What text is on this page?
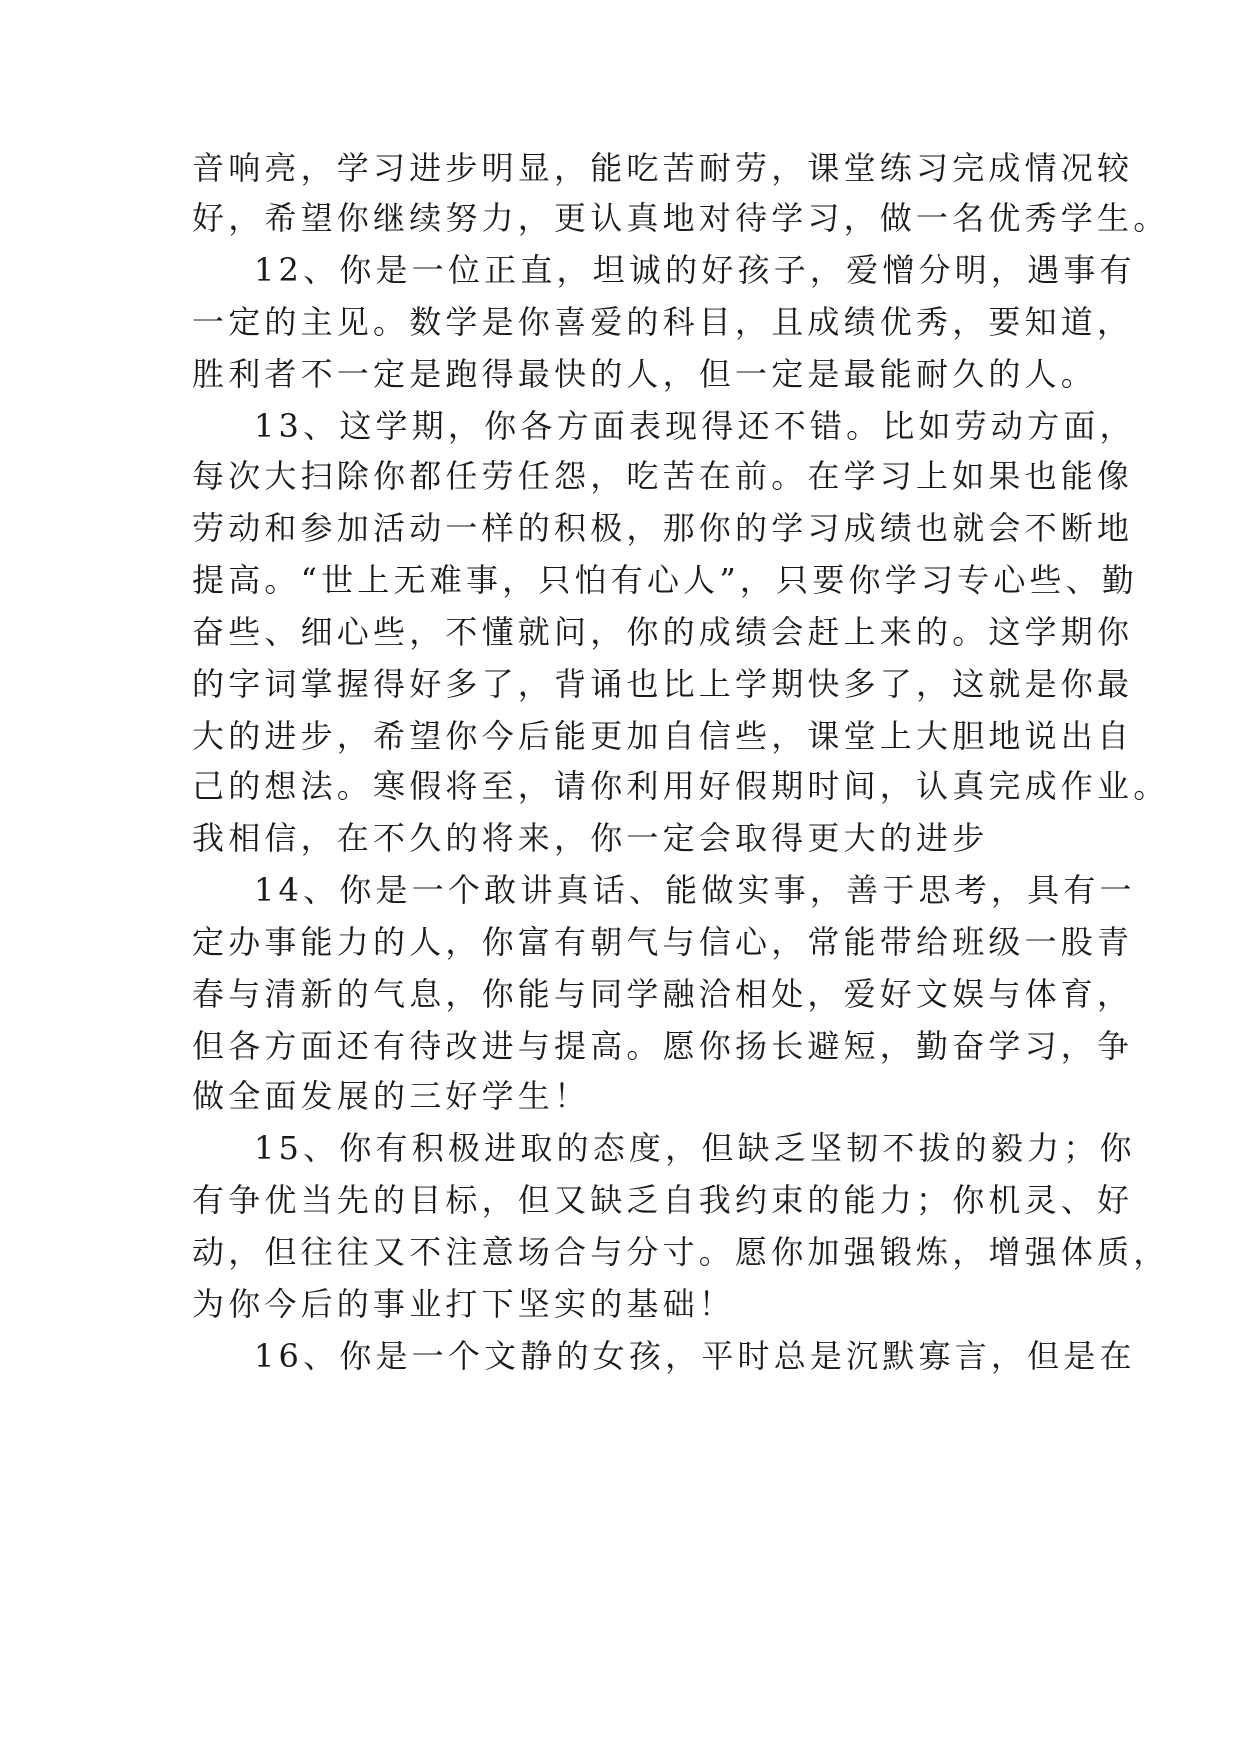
音响亮，学习进步明显，能吃苦耐劳，课堂练习完成情况较
好，希望你继续努力，更认真地对待学习，做一名优秀学生。
12、你是一位正直，坦诚的好孩子，爱憎分明，遇事有
一定的主见。数学是你喜爱的科目，且成绩优秀，要知道，
胜利者不一定是跑得最快的人，但一定是最能耐久的人。
13、这学期，你各方面表现得还不错。比如劳动方面，
每次大扫除你都任劳任怨，吃苦在前。在学习上如果也能像
劳动和参加活动一样的积极，那你的学习成绩也就会不断地
提高。“世上无难事，只怕有心人”，只要你学习专心些、勤
奋些、细心些，不懂就问，你的成绩会赶上来的。这学期你
的字词掌握得好多了，背诵也比上学期快多了，这就是你最
大的进步，希望你今后能更加自信些，课堂上大胆地说出自
己的想法。寒假将至，请你利用好假期时间，认真完成作业。
我相信，在不久的将来，你一定会取得更大的进步
14、你是一个敢讲真话、能做实事，善于思考，具有一
定办事能力的人，你富有朝气与信心，常能带给班级一股青
春与清新的气息，你能与同学融洽相处，爱好文娱与体育，
但各方面还有待改进与提高。愿你扬长避短，勤奋学习，争
做全面发展的三好学生！
15、你有积极进取的态度，但缺乏坚韧不拔的毅力；你
有争优当先的目标，但又缺乏自我约束的能力；你机灵、好
动，但往往又不注意场合与分寸。愿你加强锻炼，增强体质，
为你今后的事业打下坚实的基础！
16、你是一个文静的女孩，平时总是沉默寡言，但是在
